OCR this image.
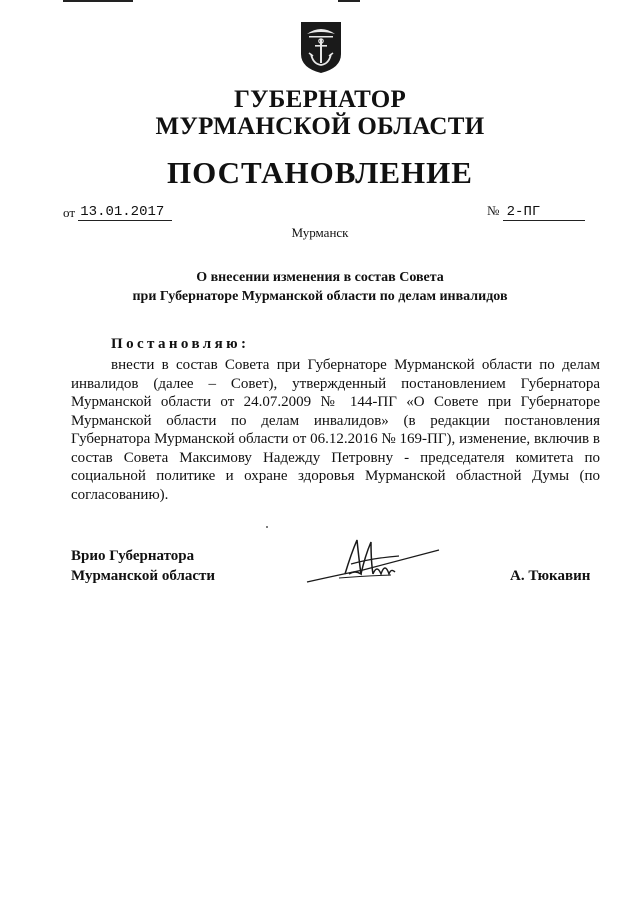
ГУБЕРНАТОР
МУРМАНСКОЙ ОБЛАСТИ
ПОСТАНОВЛЕНИЕ
от 13.01.2017	№ 2-ПГ
Мурманск
О внесении изменения в состав Совета
при Губернаторе Мурманской области по делам инвалидов
Постановляю:
внести в состав Совета при Губернаторе Мурманской области по делам инвалидов (далее – Совет), утвержденный постановлением Губернатора Мурманской области от 24.07.2009 № 144-ПГ «О Совете при Губернаторе Мурманской области по делам инвалидов» (в редакции постановления Губернатора Мурманской области от 06.12.2016 № 169-ПГ), изменение, включив в состав Совета Максимову Надежду Петровну - председателя комитета по социальной политике и охране здоровья Мурманской областной Думы (по согласованию).
Врио Губернатора
Мурманской области	А. Тюкавин
